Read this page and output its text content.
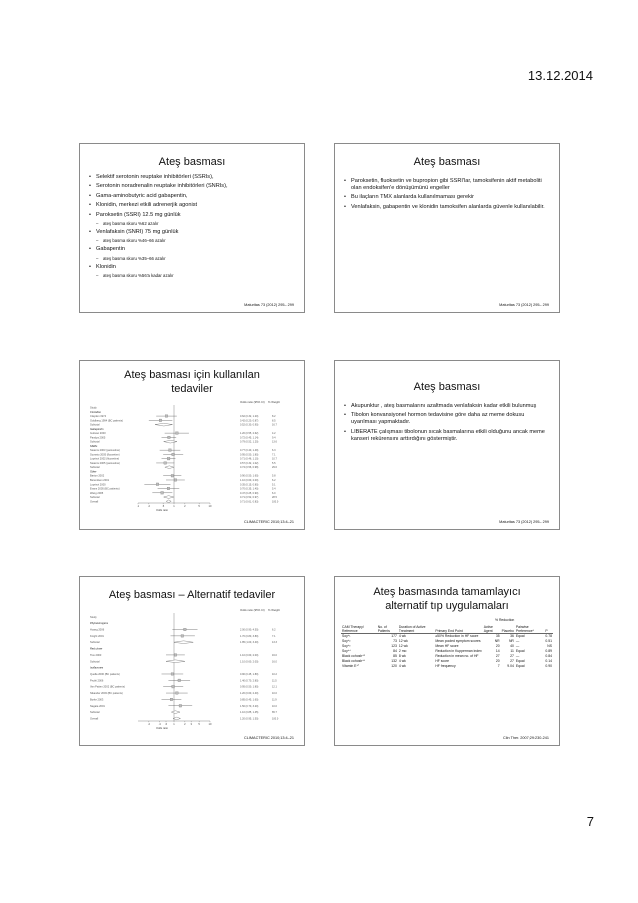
13.12.2014
Ateş basması
• Selektif serotonin reuptake inhibitörleri (SSRIs),
• Serotonin noradrenalin reuptake inhibitörleri (SNRIs),
• Gama-aminobutyric acid gabapentin,
• Klonidin, merkezi etkili adrenerjik agonist
• Paroksetin (SSRI) 12.5 mg günlük
– ateş basma skoru %62 azalır
• Venlafaksin (SNRI) 75 mg günlük
– ateş basma skoru %46–66 azalır
• Gabapentin
– ateş basma skoru %35–66 azalır
• Klonidin
– ateş basma skoru %56'a kadar azalır
Maturitas 73 (2012) 295– 299
Ateş basması
• Paroksetin, fluoksetin ve bupropion gibi SSRI'lar, tamoksifenin aktif metaboliti olan endoksifen'e dönüşümünü engeller
• Bu ilaçların TMX alanlarda kullanılmaması gerekir
• Venlafaksin, gabapentin ve klonidin tamoksifen alanlarda güvenle kullanılabilir.
Maturitas 73 (2012) 295– 299
Ateş basması için kullanılan
tedaviler
Odds ratio (95% CI) % Weight
Study
Clonidine
Clayden 1974	0.62 (0.32, 1.20)	8.2
Goldberg 1994 (BC patients)	0.42 (0.20, 0.87)	8.5
Subtotal	0.52 (0.30, 0.90)	16.7
Gabapentin
Guttuso 2003	1.20 (0.55, 2.62)	4.2
Pandya 2005	0.72 (0.45, 1.14)	9.4
Subtotal	0.79 (0.52, 1.20)	13.6
SSRIs
Stearns 2003 (paroxetine)	0.77 (0.40, 1.49)	6.3
Suvanto 2005 (fluoxetine)	0.95 (0.50, 1.80)	7.1
Loprinzi 2002 (fluoxetine)	0.71 (0.46, 1.10)	10.7
Stearns 2005 (paroxetine)	0.57 (0.32, 1.02)	5.5
Subtotal	0.74 (0.56, 0.98)	29.6
Other
Barton 2002	0.90 (0.50, 1.60)	5.8
Berendsen 2001	1.10 (0.60, 2.00)	6.2
Loprinzi 2000	0.35 (0.15, 0.80)	5.1
Evans 2005 (BC patients)	0.70 (0.35, 1.40)	5.4
Wang 2005	0.47 (0.25, 0.90)	6.0
Subtotal	0.71 (0.52, 0.97)	28.5
Overall	0.71 (0.61, 0.83)	100.0
.1	.2	.5	1	2	5	10
Odds ratio
CLIMACTERIC 2010;13:4–21
Ateş basması
• Akupunktur , ateş basmalarını azaltmada venlafaksin kadar etkili bulunmuş
• Tibolon konvansiyonel hormon tedavisine göre daha az meme dokusu uyarılması yapmaktadır.
• LIBERATE çalışması tibolonun sıcak basmalarına etkili olduğunu ancak meme kanseri rekürensını arttırdığını göstermiştir.
Maturitas 73 (2012) 295– 299
Ateş basması – Alternatif tedaviler
Odds ratio (95% CI) % Weight
Study
Phytoestrogens
Huang 2006	2.00 (0.90, 4.50)	6.2
Knight 2001	1.70 (0.80, 3.80)	7.1
Subtotal	1.85 (1.00, 3.40)	13.3
Red clover
Tice 2003	1.10 (0.60, 2.00)	16.0
Subtotal	1.10 (0.60, 2.00)	16.0
Isoflavones
Quella 2000 (BC patients)	0.90 (0.45, 1.80)	10.2
Pruthi 2006	1.40 (0.70, 2.80)	11.5
Van Patten 2002 (BC patients)	0.95 (0.50, 1.80)	12.1
Nikander 2003 (BC patients)	1.20 (0.60, 2.40)	10.0
Burke 2003	0.85 (0.45, 1.60)	11.9
Nagata 2001	1.50 (0.70, 3.20)	10.0
Subtotal	1.10 (0.85, 1.45)	65.7
Overall	1.20 (0.95, 1.50)	100.0
.2	.4 .6 1	2 3	5	10
Odds ratio
CLIMACTERIC 2010;13:4–21
Ateş basmasında tamamlayıcı
alternatif tıp uygulamaları
% Reduction
CAM Therapy/ Reference	No. of Patients	Duration of Active Treatment	Primary End Point	Active Agent	Placebo	Pairwise Preference*	P
Soy⁴¹	177	4 wk	≥50% Reduction in HF score	35	36	Equal	0.78
Soy⁴²	73	12 wk	Mean pooled symptom scores	NR	NR	—	0.51
Soy⁴³	123	12 wk	Mean HF score	20	40	—	NS
Soy⁴⁴	84	2 mo	Reduction in Kupperman index	14	11	Equal	0.89
Black cohosh⁴⁵	85	8 wk	Reduction in mean no. of HF	27	27	—	0.84
Black cohosh⁴⁶	132	4 wk	HF score	20	27	Equal	0.14
Vitamin E⁴⁷	120	4 wk	HF frequency	7	9.04	Equal	0.90
Clin Ther. 2007;29:230-241
7
